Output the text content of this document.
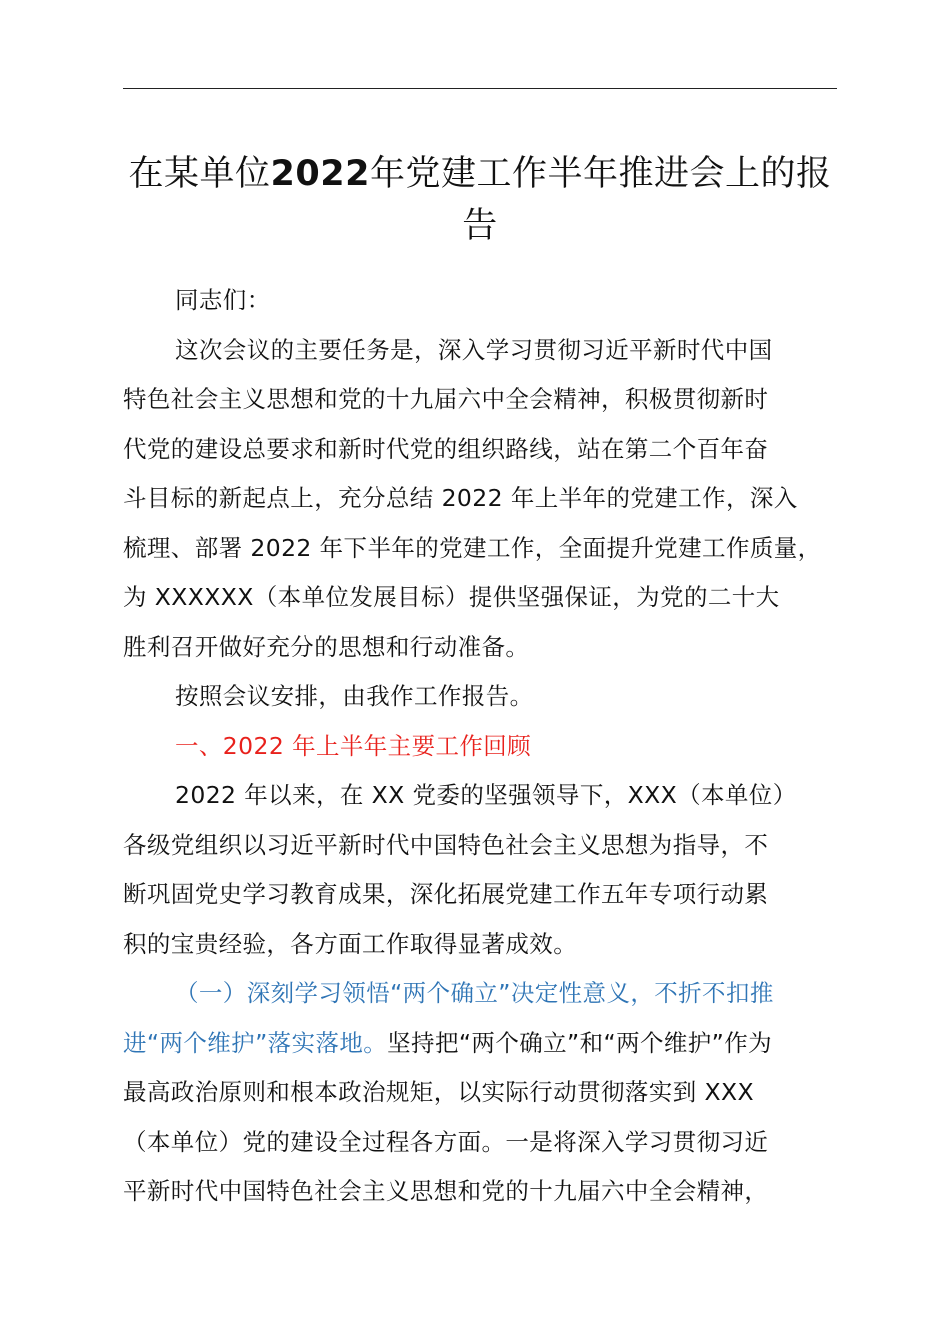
在某单位2022年党建工作半年推进会上的报
告
同志们：
这次会议的主要任务是，深入学习贯彻习近平新时代中国
特色社会主义思想和党的十九届六中全会精神，积极贯彻新时
代党的建设总要求和新时代党的组织路线，站在第二个百年奋
斗目标的新起点上，充分总结 2022 年上半年的党建工作，深入
梳理、部署 2022 年下半年的党建工作，全面提升党建工作质量，
为 XXXXXX（本单位发展目标）提供坚强保证，为党的二十大
胜利召开做好充分的思想和行动准备。
按照会议安排，由我作工作报告。
一、2022 年上半年主要工作回顾
2022 年以来，在 XX 党委的坚强领导下，XXX（本单位）
各级党组织以习近平新时代中国特色社会主义思想为指导，不
断巩固党史学习教育成果，深化拓展党建工作五年专项行动累
积的宝贵经验，各方面工作取得显著成效。
（一）深刻学习领悟“两个确立”决定性意义，不折不扣推
进“两个维护”落实落地。坚持把“两个确立”和“两个维护”作为
最高政治原则和根本政治规矩，以实际行动贯彻落实到 XXX
（本单位）党的建设全过程各方面。一是将深入学习贯彻习近
平新时代中国特色社会主义思想和党的十九届六中全会精神，
